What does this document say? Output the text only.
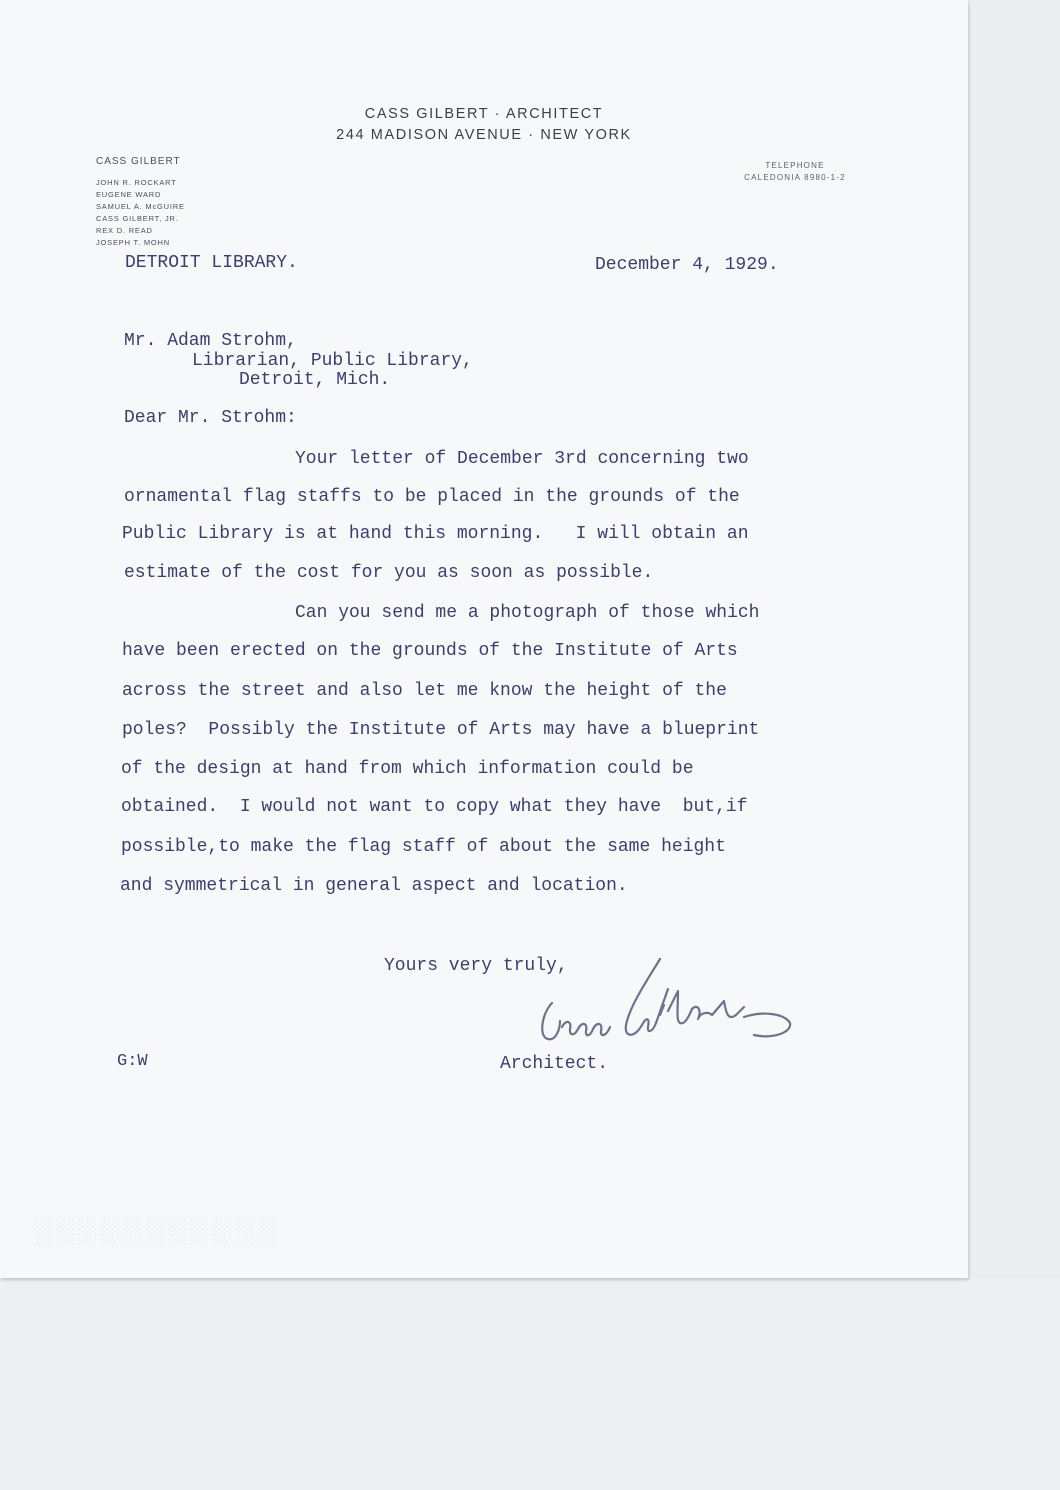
CASS GILBERT · ARCHITECT
244 MADISON AVENUE · NEW YORK
CASS GILBERT
JOHN R. ROCKART
EUGENE WARD
SAMUEL A. McGUIRE
CASS GILBERT, JR.
REX D. READ
JOSEPH T. MOHN
TELEPHONE
CALEDONIA 8980-1-2
DETROIT LIBRARY.	December 4, 1929.
Mr. Adam Strohm,
Librarian, Public Library,
Detroit, Mich.
Dear Mr. Strohm:
Your letter of December 3rd concerning two
ornamental flag staffs to be placed in the grounds of the
Public Library is at hand this morning.   I will obtain an
estimate of the cost for you as soon as possible.
Can you send me a photograph of those which
have been erected on the grounds of the Institute of Arts
across the street and also let me know the height of the
poles?  Possibly the Institute of Arts may have a blueprint
of the design at hand from which information could be
obtained.  I would not want to copy what they have  but,if
possible,to make the flag staff of about the same height
and symmetrical in general aspect and location.
Yours very truly,
G:W	Architect.
░░░░░░░░░░░
